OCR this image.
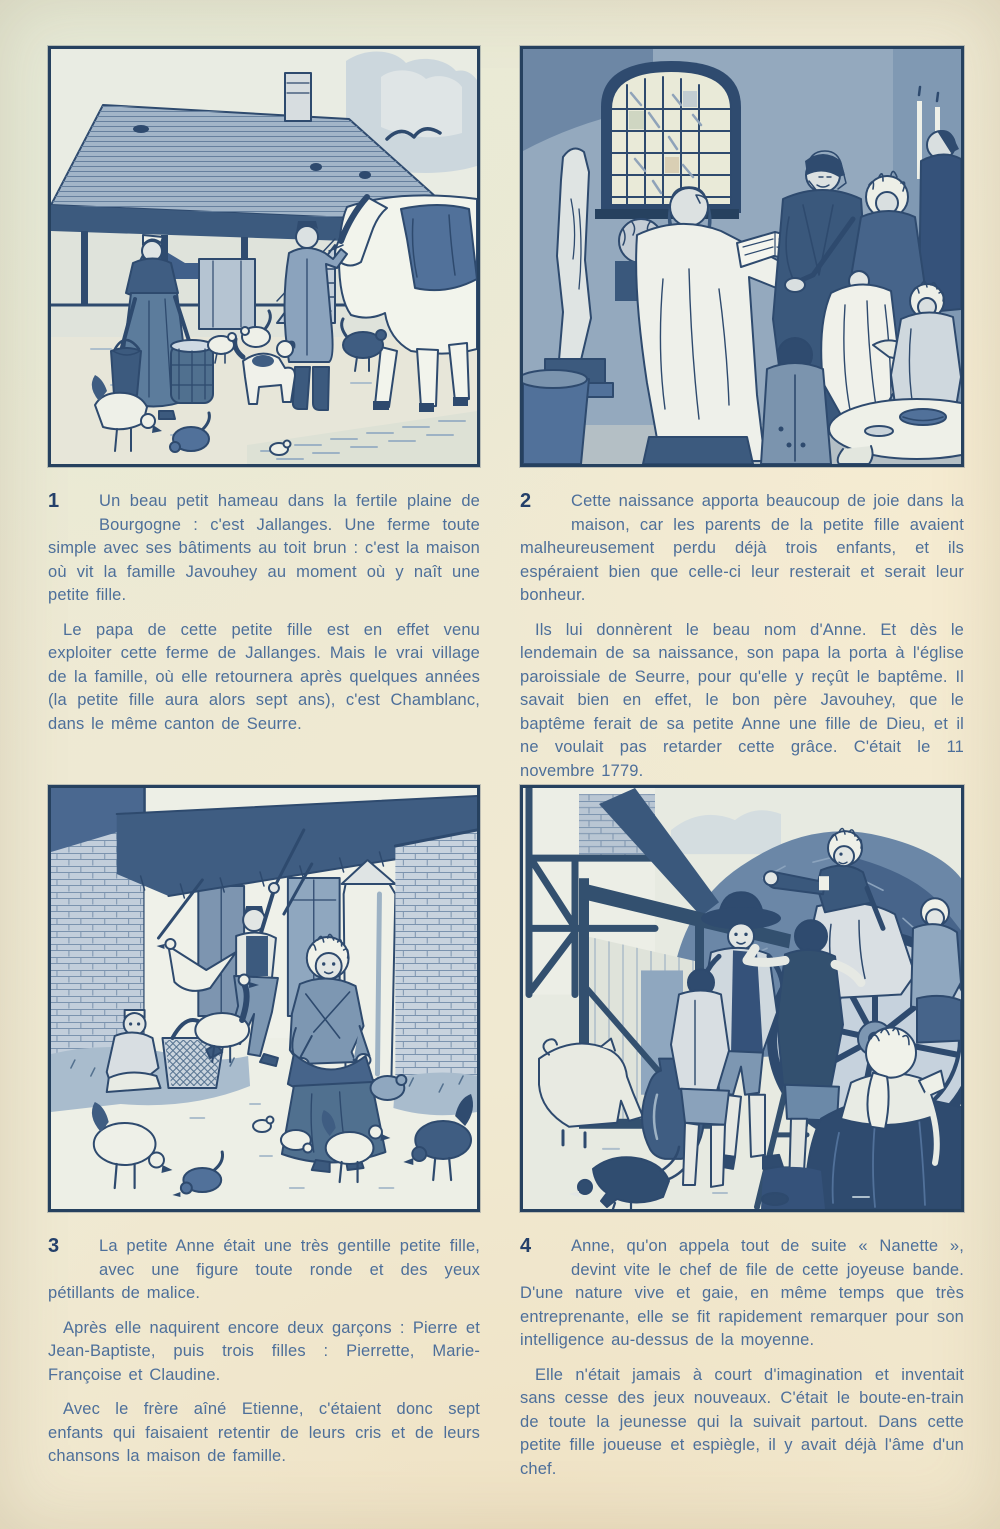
1	Un beau petit hameau dans la fertile plaine de Bourgogne : c'est Jallanges. Une ferme toute simple avec ses bâtiments au toit brun : c'est la maison où vit la famille Javouhey au moment où y naît une petite fille.

Le papa de cette petite fille est en effet venu exploiter cette ferme de Jallanges. Mais le vrai village de la famille, où elle retournera après quelques années (la petite fille aura alors sept ans), c'est Chamblanc, dans le même canton de Seurre.

2	Cette naissance apporta beaucoup de joie dans la maison, car les parents de la petite fille avaient malheureusement perdu déjà trois enfants, et ils espéraient bien que celle-ci leur resterait et serait leur bonheur.

Ils lui donnèrent le beau nom d'Anne. Et dès le lendemain de sa naissance, son papa la porta à l'église paroissiale de Seurre, pour qu'elle y reçût le baptême. Il savait bien en effet, le bon père Javouhey, que le baptême ferait de sa petite Anne une fille de Dieu, et il ne voulait pas retarder cette grâce. C'était le 11 novembre 1779.

3	La petite Anne était une très gentille petite fille, avec une figure toute ronde et des yeux pétillants de malice.

Après elle naquirent encore deux garçons : Pierre et Jean-Baptiste, puis trois filles : Pierrette, Marie-Françoise et Claudine.

Avec le frère aîné Etienne, c'étaient donc sept enfants qui faisaient retentir de leurs cris et de leurs chansons la maison de famille.

4	Anne, qu'on appela tout de suite « Nanette », devint vite le chef de file de cette joyeuse bande. D'une nature vive et gaie, en même temps que très entreprenante, elle se fit rapidement remarquer pour son intelligence au-dessus de la moyenne.

Elle n'était jamais à court d'imagination et inventait sans cesse des jeux nouveaux. C'était le boute-en-train de toute la jeunesse qui la suivait partout. Dans cette petite fille joueuse et espiègle, il y avait déjà l'âme d'un chef.
